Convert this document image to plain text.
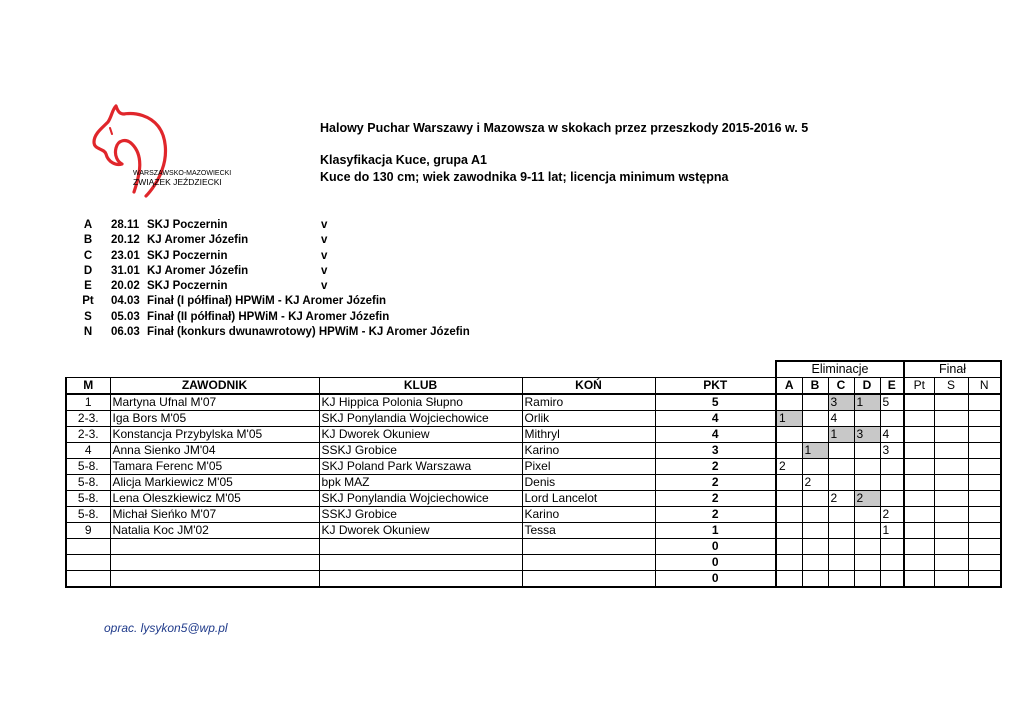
WARSZAWSKO-MAZOWIECKI
ZWIĄZEK JEŹDZIECKI
Halowy Puchar Warszawy i Mazowsza w skokach przez przeszkody 2015-2016 w. 5
Klasyfikacja Kuce, grupa A1
Kuce do 130 cm; wiek zawodnika 9-11 lat; licencja minimum wstępna
A	28.11 SKJ Poczernin	v
B	20.12 KJ Aromer Józefin	v
C	23.01 SKJ Poczernin	v
D	31.01 KJ Aromer Józefin	v
E	20.02 SKJ Poczernin	v
Pt	04.03 Finał (I półfinał) HPWiM - KJ Aromer Józefin
S	05.03 Finał (II półfinał) HPWiM - KJ Aromer Józefin
N	06.03 Finał (konkurs dwunawrotowy) HPWiM - KJ Aromer Józefin
					Eliminacje					Finał		
M	ZAWODNIK	KLUB	KOŃ	PKT	A	B	C	D	E	Pt	S	N
1	Martyna Ufnal M'07	KJ Hippica Polonia Słupno	Ramiro	5			3	1	5			
2-3.	Iga Bors M'05	SKJ Ponylandia Wojciechowice	Orlik	4	1		4					
2-3.	Konstancja Przybylska M'05	KJ Dworek Okuniew	Mithryl	4			1	3	4			
4	Anna Sienko JM'04	SSKJ Grobice	Karino	3		1			3			
5-8.	Tamara Ferenc M'05	SKJ Poland Park Warszawa	Pixel	2	2							
5-8.	Alicja Markiewicz M'05	bpk MAZ	Denis	2		2						
5-8.	Lena Oleszkiewicz M'05	SKJ Ponylandia Wojciechowice	Lord Lancelot	2			2	2				
5-8.	Michał Sieńko M'07	SSKJ Grobice	Karino	2					2			
9	Natalia Koc JM'02	KJ Dworek Okuniew	Tessa	1					1			
				0								
				0								
				0								
oprac. lysykon5@wp.pl
